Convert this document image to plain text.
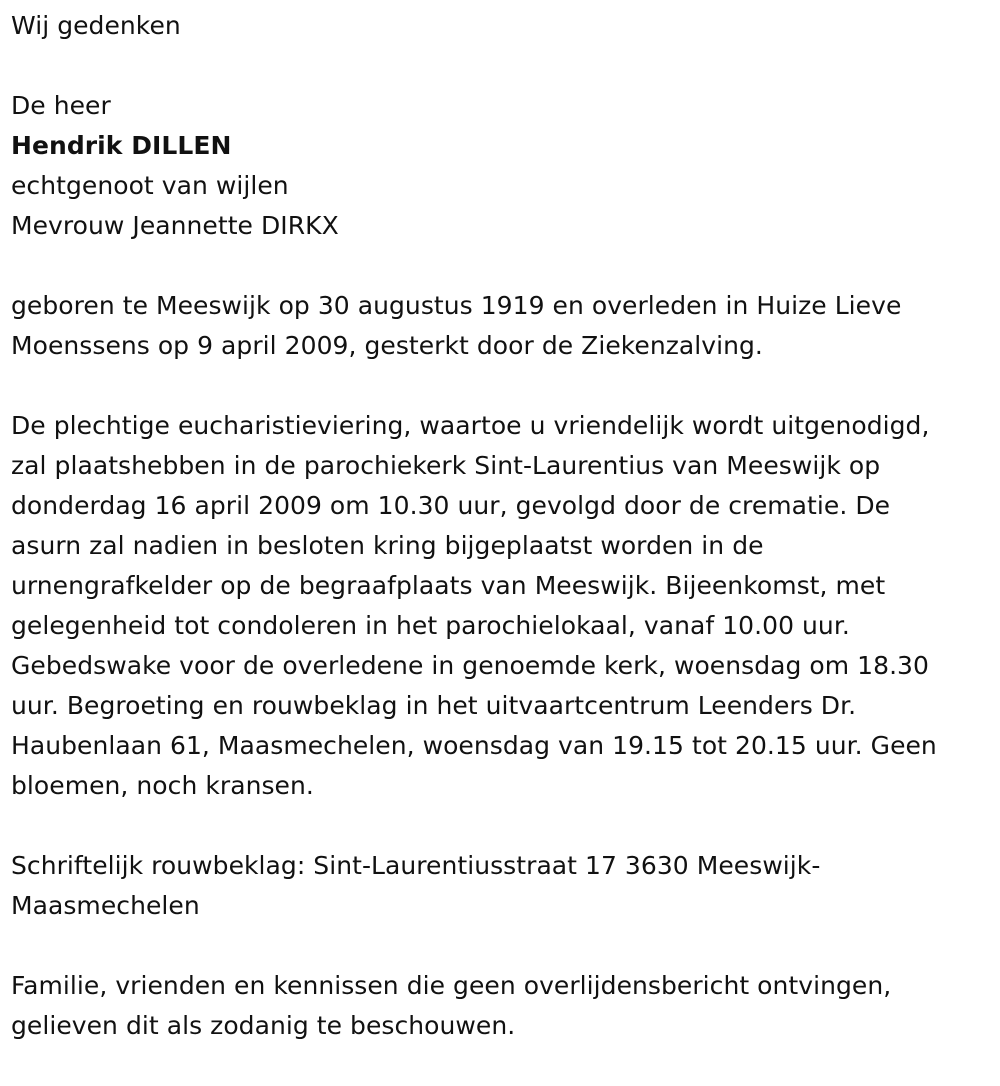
Wij gedenken
De heer
Hendrik DILLEN
echtgenoot van wijlen
Mevrouw Jeannette DIRKX
geboren te Meeswijk op 30 augustus 1919 en overleden in Huize Lieve
Moenssens op 9 april 2009, gesterkt door de Ziekenzalving.
De plechtige eucharistieviering, waartoe u vriendelijk wordt uitgenodigd,
zal plaatshebben in de parochiekerk Sint-Laurentius van Meeswijk op
donderdag 16 april 2009 om 10.30 uur, gevolgd door de crematie. De
asurn zal nadien in besloten kring bijgeplaatst worden in de
urnengrafkelder op de begraafplaats van Meeswijk. Bijeenkomst, met
gelegenheid tot condoleren in het parochielokaal, vanaf 10.00 uur.
Gebedswake voor de overledene in genoemde kerk, woensdag om 18.30
uur. Begroeting en rouwbeklag in het uitvaartcentrum Leenders Dr.
Haubenlaan 61, Maasmechelen, woensdag van 19.15 tot 20.15 uur. Geen
bloemen, noch kransen.
Schriftelijk rouwbeklag: Sint-Laurentiusstraat 17 3630 Meeswijk-
Maasmechelen
Familie, vrienden en kennissen die geen overlijdensbericht ontvingen,
gelieven dit als zodanig te beschouwen.
